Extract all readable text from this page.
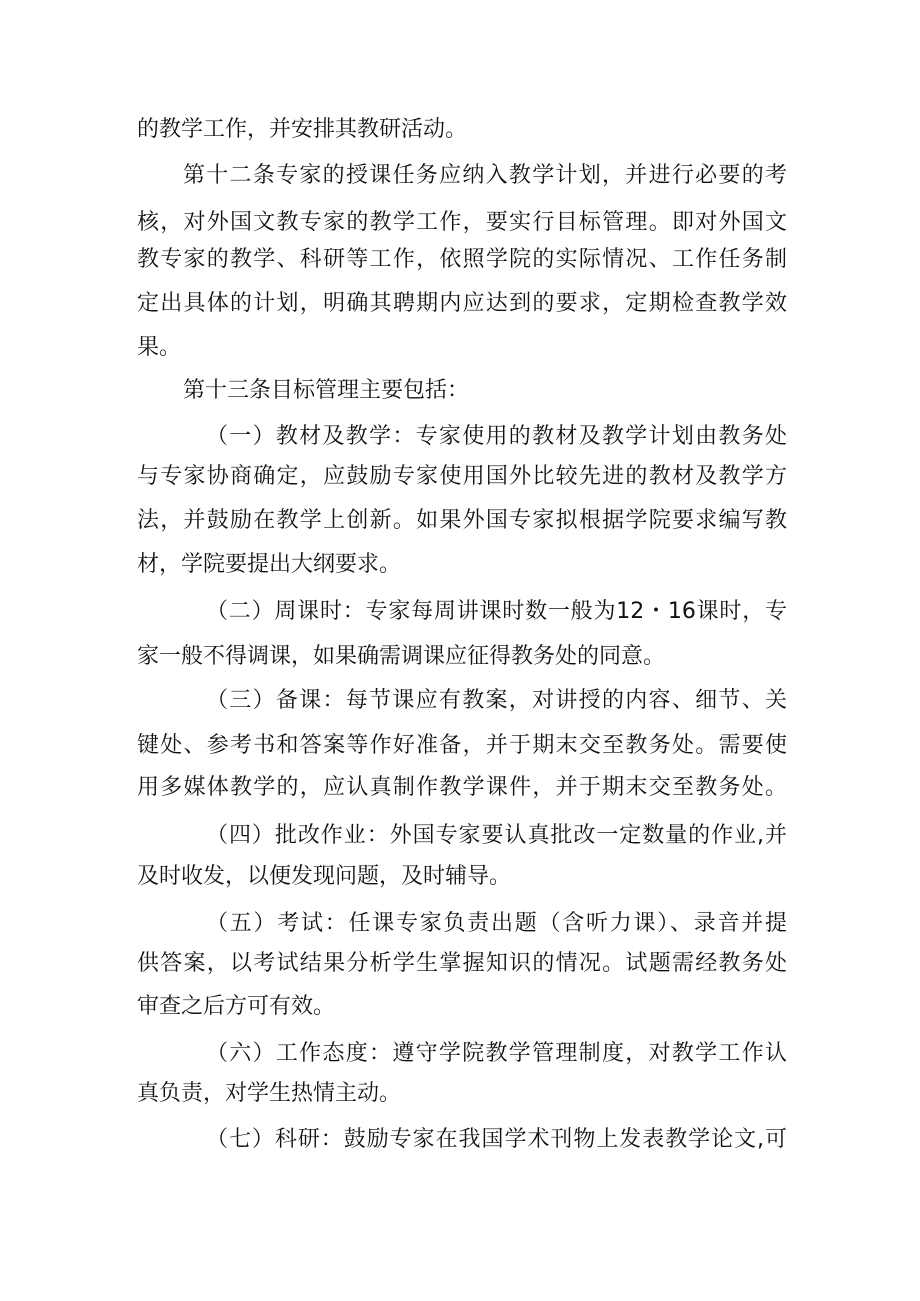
的教学工作，并安排其教研活动。
第十二条专家的授课任务应纳入教学计划，并进行必要的考
核，对外国文教专家的教学工作，要实行目标管理。即对外国文
教专家的教学、科研等工作，依照学院的实际情况、工作任务制
定出具体的计划，明确其聘期内应达到的要求，定期检查教学效
果。
第十三条目标管理主要包括：
（一）教材及教学：专家使用的教材及教学计划由教务处
与专家协商确定，应鼓励专家使用国外比较先进的教材及教学方
法，并鼓励在教学上创新。如果外国专家拟根据学院要求编写教
材，学院要提出大纲要求。
（二）周课时：专家每周讲课时数一般为12・16课时，专
家一般不得调课，如果确需调课应征得教务处的同意。
（三）备课：每节课应有教案，对讲授的内容、细节、关
键处、参考书和答案等作好准备，并于期末交至教务处。需要使
用多媒体教学的，应认真制作教学课件，并于期末交至教务处。
（四）批改作业：外国专家要认真批改一定数量的作业,并
及时收发，以便发现问题，及时辅导。
（五）考试：任课专家负责出题（含听力课）、录音并提
供答案，以考试结果分析学生掌握知识的情况。试题需经教务处
审查之后方可有效。
（六）工作态度：遵守学院教学管理制度，对教学工作认
真负责，对学生热情主动。
（七）科研：鼓励专家在我国学术刊物上发表教学论文,可
